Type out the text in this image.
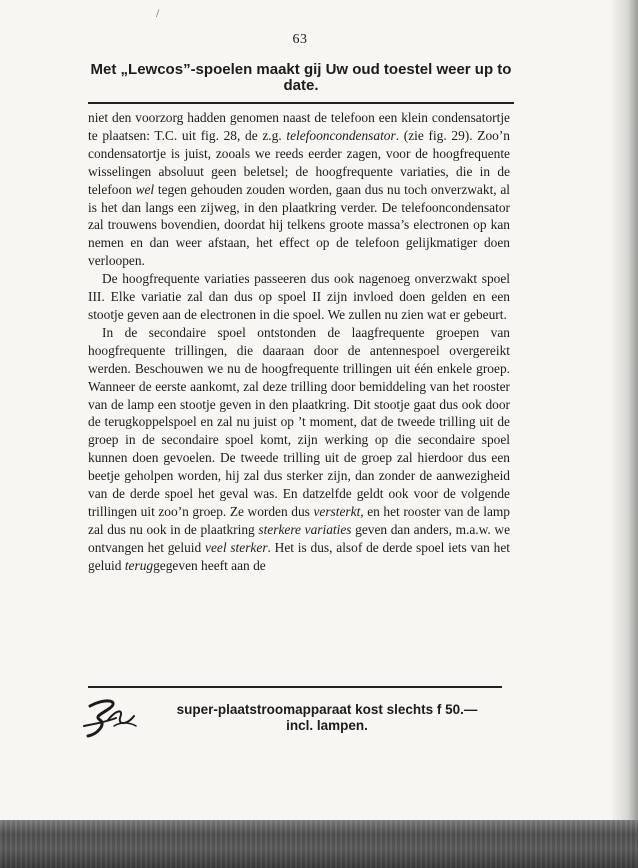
/
63
Met „Lewcos”-spoelen maakt gij Uw oud toestel weer up to date.

niet den voorzorg hadden genomen naast de telefoon een klein condensatortje te plaatsen: T.C. uit fig. 28, de z.g. telefooncondensator. (zie fig. 29). Zoo’n condensatortje is juist, zooals we reeds eerder zagen, voor de hoogfrequente wisselingen absoluut geen beletsel; de hoogfrequente variaties, die in de telefoon wel tegen gehouden zouden worden, gaan dus nu toch onverzwakt, al is het dan langs een zijweg, in den plaatkring verder. De telefooncondensator zal trouwens bovendien, doordat hij telkens groote massa’s electronen op kan nemen en dan weer afstaan, het effect op de telefoon gelijkmatiger doen verloopen.

De hoogfrequente variaties passeeren dus ook nagenoeg onverzwakt spoel III. Elke variatie zal dan dus op spoel II zijn invloed doen gelden en een stootje geven aan de electronen in die spoel. We zullen nu zien wat er gebeurt.

In de secondaire spoel ontstonden de laagfrequente groepen van hoogfrequente trillingen, die daaraan door de antennespoel overgereikt werden. Beschouwen we nu de hoogfrequente trillingen uit één enkele groep. Wanneer de eerste aankomt, zal deze trilling door bemiddeling van het rooster van de lamp een stootje geven in den plaatkring. Dit stootje gaat dus ook door de terugkoppelspoel en zal nu juist op ’t moment, dat de tweede trilling uit de groep in de secondaire spoel komt, zijn werking op die secondaire spoel kunnen doen gevoelen. De tweede trilling uit de groep zal hierdoor dus een beetje geholpen worden, hij zal dus sterker zijn, dan zonder de aanwezigheid van de derde spoel het geval was. En datzelfde geldt ook voor de volgende trillingen uit zoo’n groep. Ze worden dus versterkt, en het rooster van de lamp zal dus nu ook in de plaatkring sterkere variaties geven dan anders, m.a.w. we ontvangen het geluid veel sterker. Het is dus, alsof de derde spoel iets van het geluid teruggegeven heeft aan de

super-plaatstroomapparaat kost slechts f 50.—
incl. lampen.
